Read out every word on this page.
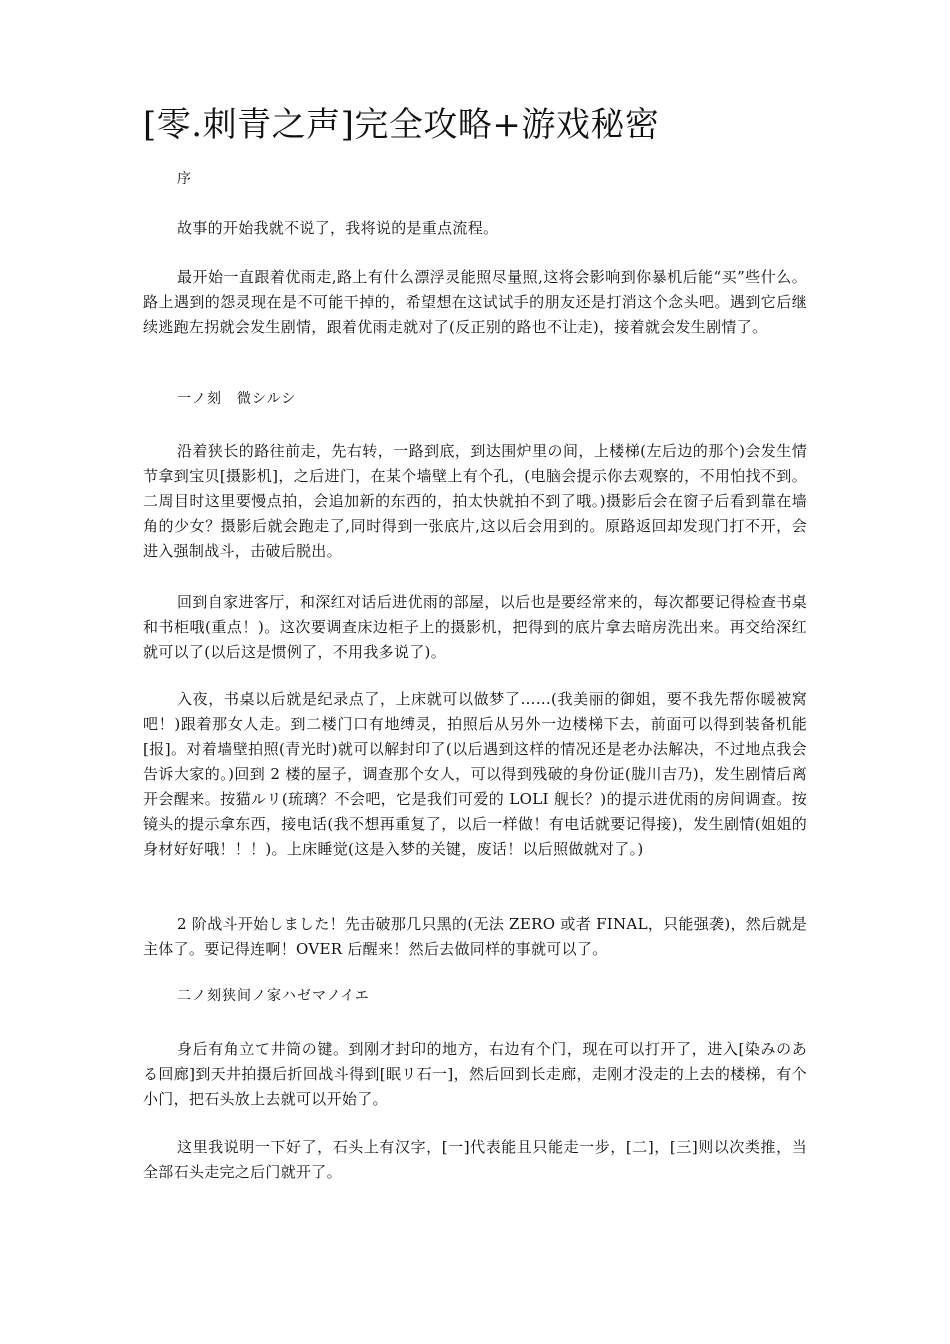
[零.刺青之声]完全攻略+游戏秘密

序

故事的开始我就不说了，我将说的是重点流程。

最开始一直跟着优雨走,路上有什么漂浮灵能照尽量照,这将会影响到你暴机后能“买”些什么。路上遇到的怨灵现在是不可能干掉的，希望想在这试试手的朋友还是打消这个念头吧。遇到它后继续逃跑左拐就会发生剧情，跟着优雨走就对了(反正别的路也不让走)，接着就会发生剧情了。

一ノ刻　微シルシ

沿着狭长的路往前走，先右转，一路到底，到达围炉里の间，上楼梯(左后边的那个)会发生情节拿到宝贝[摄影机]，之后进门，在某个墙壁上有个孔，(电脑会提示你去观察的，不用怕找不到。二周目时这里要慢点拍，会追加新的东西的，拍太快就拍不到了哦。)摄影后会在窗子后看到靠在墙角的少女？摄影后就会跑走了,同时得到一张底片,这以后会用到的。原路返回却发现门打不开，会进入强制战斗，击破后脱出。

回到自家进客厅，和深红对话后进优雨的部屋，以后也是要经常来的，每次都要记得检查书桌和书柜哦(重点！)。这次要调查床边柜子上的摄影机，把得到的底片拿去暗房洗出来。再交给深红就可以了(以后这是惯例了，不用我多说了)。

入夜，书桌以后就是纪录点了，上床就可以做梦了……(我美丽的御姐，要不我先帮你暖被窝吧！)跟着那女人走。到二楼门口有地缚灵，拍照后从另外一边楼梯下去，前面可以得到装备机能[报]。对着墙壁拍照(青光时)就可以解封印了(以后遇到这样的情况还是老办法解决，不过地点我会告诉大家的。)回到 2 楼的屋子，调查那个女人，可以得到残破的身份证(胧川吉乃)，发生剧情后离开会醒来。按猫ルリ(琉璃？不会吧，它是我们可爱的 LOLI 舰长？)的提示进优雨的房间调查。按镜头的提示拿东西，接电话(我不想再重复了，以后一样做！有电话就要记得接)，发生剧情(姐姐的身材好好哦！！！)。上床睡觉(这是入梦的关键，废话！以后照做就对了。)

2 阶战斗开始しました！先击破那几只黑的(无法 ZERO 或者 FINAL，只能强袭)，然后就是主体了。要记得连啊！OVER 后醒来！然后去做同样的事就可以了。

二ノ刻狭间ノ家ハゼマノイエ

身后有角立て井筒の键。到刚才封印的地方，右边有个门，现在可以打开了，进入[染みのある回廊]到天井拍摄后折回战斗得到[眠リ石一]，然后回到长走廊，走刚才没走的上去的楼梯，有个小门，把石头放上去就可以开始了。

这里我说明一下好了，石头上有汉字，[一]代表能且只能走一步，[二]，[三]则以次类推，当全部石头走完之后门就开了。
